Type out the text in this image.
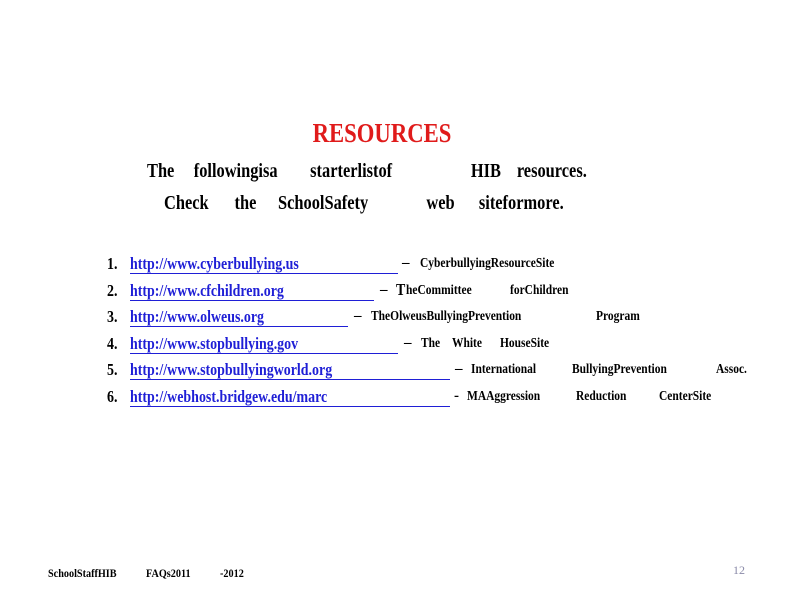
RESOURCES
The followingisa starterlistof	HIB resources.
Check the SchoolSafety	web siteformore.
1. http://www.cyberbullying.us	– CyberbullyingResourceSite
2. http://www.cfchildren.org	– T heCommittee	forChildren
3. http://www.olweus.org	– TheOlweusBullyingPrevention	Program
4. http://www.stopbullying.gov	– The White HouseSite
5. http://www.stopbullyingworld.org	– International	BullyingPrevention	Assoc.
6. http://webhost.bridgew.edu/marc	- MAAggression	Reduction CenterSite
SchoolStaffHIB FAQs2011 -2012	12
